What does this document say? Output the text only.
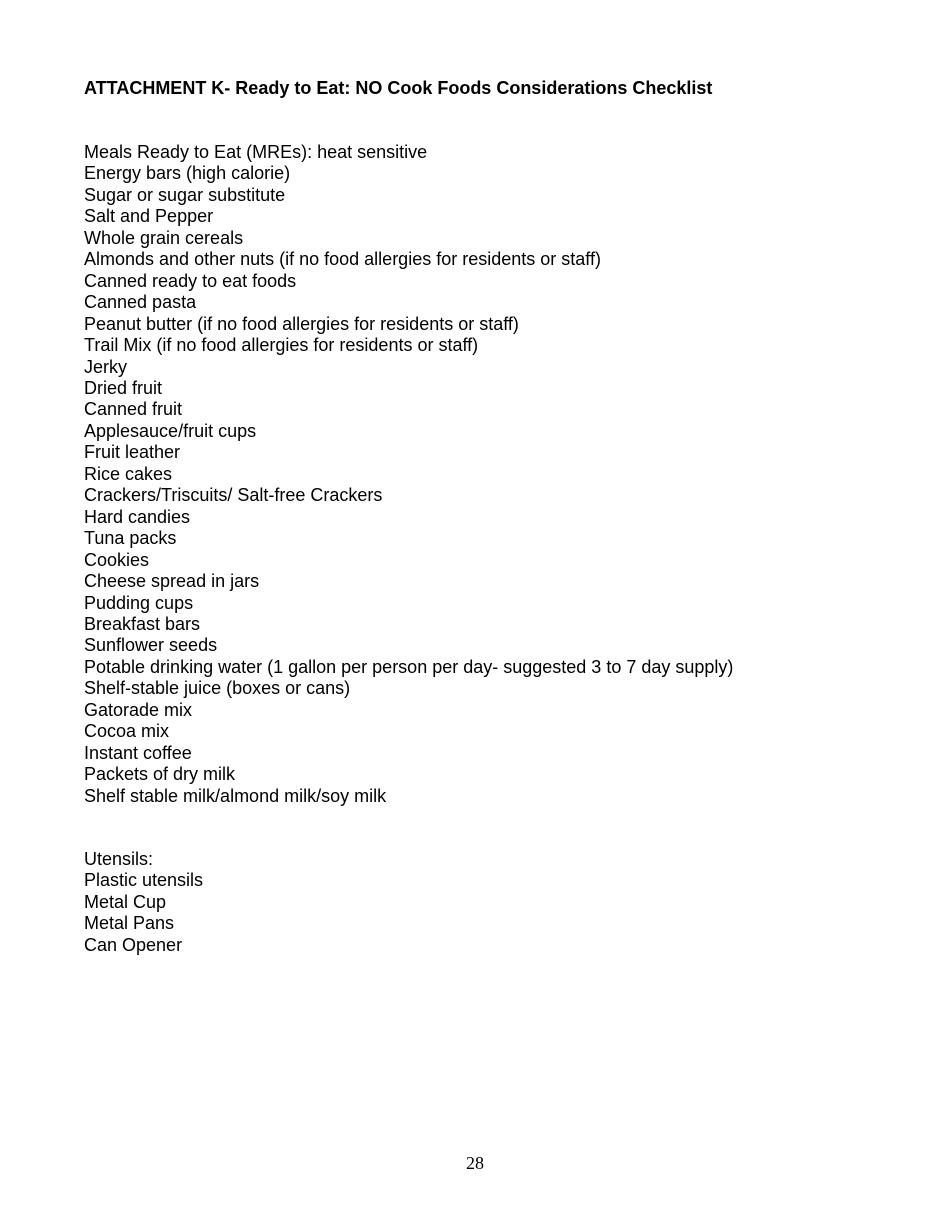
ATTACHMENT K- Ready to Eat: NO Cook Foods Considerations Checklist
Meals Ready to Eat (MREs): heat sensitive
Energy bars (high calorie)
Sugar or sugar substitute
Salt and Pepper
Whole grain cereals
Almonds and other nuts (if no food allergies for residents or staff)
Canned ready to eat foods
Canned pasta
Peanut butter (if no food allergies for residents or staff)
Trail Mix (if no food allergies for residents or staff)
Jerky
Dried fruit
Canned fruit
Applesauce/fruit cups
Fruit leather
Rice cakes
Crackers/Triscuits/ Salt-free Crackers
Hard candies
Tuna packs
Cookies
Cheese spread in jars
Pudding cups
Breakfast bars
Sunflower seeds
Potable drinking water (1 gallon per person per day- suggested 3 to 7 day supply)
Shelf-stable juice (boxes or cans)
Gatorade mix
Cocoa mix
Instant coffee
Packets of dry milk
Shelf stable milk/almond milk/soy milk
Utensils:
Plastic utensils
Metal Cup
Metal Pans
Can Opener
28
